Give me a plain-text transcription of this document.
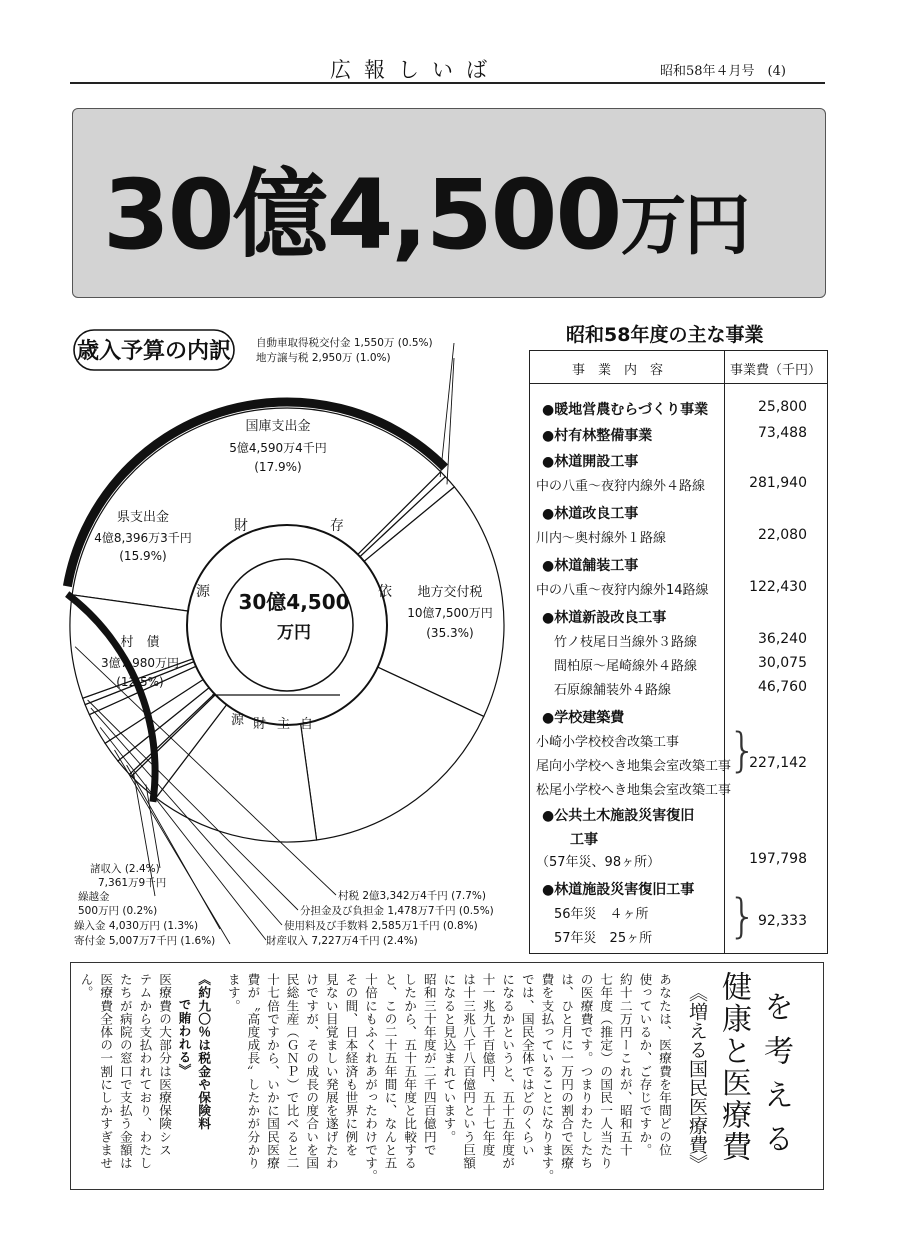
広報しいば	昭和58年４月号　(4)
30億4,500万円
歳入予算の内訳
30億4,500
万円
依
存
財
源
自
主
財
源
国庫支出金
5億4,590万4千円
(17.9%)
県支出金
4億8,396万3千円
(15.9%)
村　債
3億7,980万円
(12.5%)
地方交付税
10億7,500万円
(35.3%)
自動車取得税交付金 1,550万 (0.5%)
地方譲与税 2,950万 (1.0%)
諸収入 (2.4%)
7,361万9千円
繰越金
500万円 (0.2%)
繰入金 4,030万円 (1.3%)
寄付金 5,007万7千円 (1.6%)	財産収入 7,227万4千円 (2.4%)
使用料及び手数料 2,585万1千円 (0.8%)
分担金及び負担金 1,478万7千円 (0.5%)
村税 2億3,342万4千円 (7.7%)
昭和58年度の主な事業
事　業　内　容	事業費（千円）
●暖地営農むらづくり事業	25,800
●村有林整備事業	73,488
●林道開設工事
中の八重～夜狩内線外４路線	281,940
●林道改良工事
川内～奥村線外１路線	22,080
●林道舗装工事
中の八重～夜狩内線外14路線	122,430
●林道新設改良工事
竹ノ枝尾日当線外３路線	36,240
間柏原～尾崎線外４路線	30,075
石原線舗装外４路線	46,760
●学校建築費
小崎小学校校舎改築工事
尾向小学校へき地集会室改築工事	227,142
松尾小学校へき地集会室改築工事
●公共土木施設災害復旧
工事
（57年災、98ヶ所）	197,798
●林道施設災害復旧工事
56年災　４ヶ所	92,333
57年災　25ヶ所
}
}
健康と医療費 を考える
《増える国民医療費》
あなたは、医療費を年間どの位
使っているか、ご存じですか。
約十二万円ーこれが、昭和五十
七年度（推定）の国民一人当たり
の医療費です。つまりわたしたち
は、ひと月に一万円の割合で医療
費を支払っていることになります。
では、国民全体ではどのくらい
になるかというと、五十五年度が
十一兆九千百億円、五十七年度
は十三兆八千八百億円という巨額
になると見込まれています。
昭和三十年度が二千四百億円で
したから、五十五年度と比較する
と、この二十五年間に、なんと五
十倍にもふくれあがったわけです。
その間、日本経済も世界に例を
見ない目覚ましい発展を遂げたわ
けですが、その成長の度合いを国
民総生産（ＧＮＰ）で比べると二
十七倍ですから、いかに国民医療
費が〝高度成長〟したかが分かり
ます。
《約九〇％は税金や保険料
　で賄われる》
医療費の大部分は医療保険シス
テムから支払われており、わたし
たちが病院の窓口で支払う金額は
医療費全体の一割にしかすぎませ
ん。
